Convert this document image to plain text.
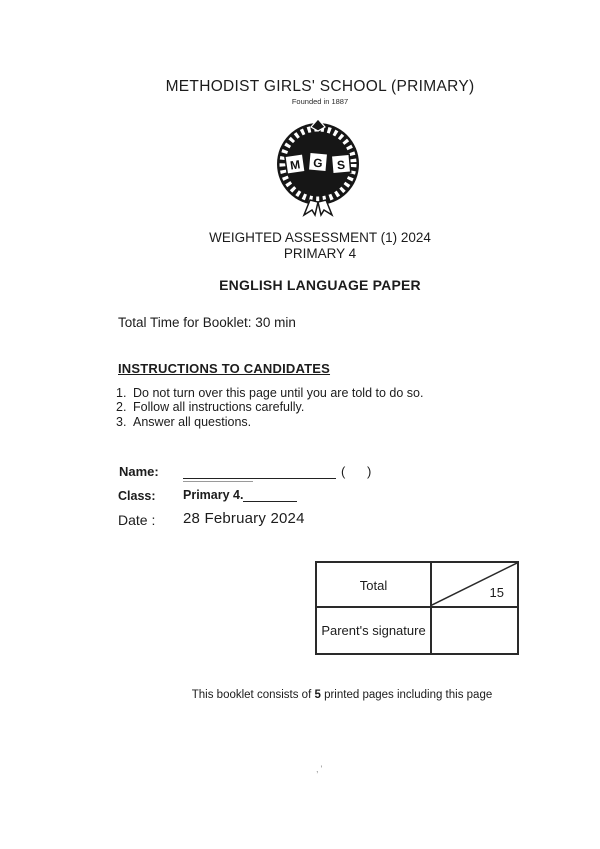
METHODIST GIRLS' SCHOOL (PRIMARY)
Founded in 1887
M G S
WEIGHTED ASSESSMENT (1) 2024
PRIMARY 4
ENGLISH LANGUAGE PAPER
Total Time for Booklet: 30 min
INSTRUCTIONS TO CANDIDATES
1. Do not turn over this page until you are told to do so.
2. Follow all instructions carefully.
3. Answer all questions.
Name:	(      )
Class: Primary 4.
Date : 28 February 2024
Total
Parent's signature
15
This booklet consists of 5 printed pages including this page
,'
